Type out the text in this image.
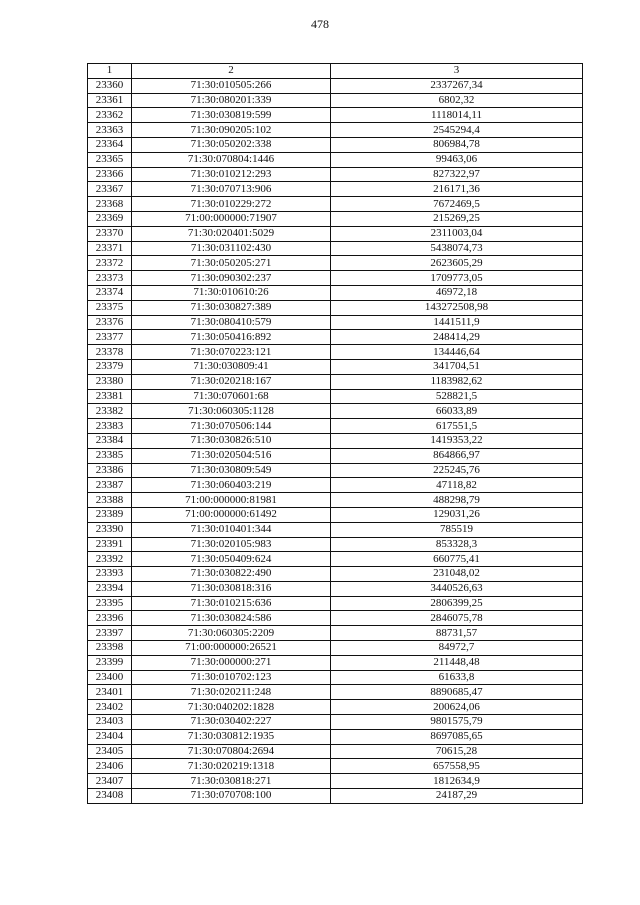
478
1	2	3
23360	71:30:010505:266	2337267,34
23361	71:30:080201:339	6802,32
23362	71:30:030819:599	1118014,11
23363	71:30:090205:102	2545294,4
23364	71:30:050202:338	806984,78
23365	71:30:070804:1446	99463,06
23366	71:30:010212:293	827322,97
23367	71:30:070713:906	216171,36
23368	71:30:010229:272	7672469,5
23369	71:00:000000:71907	215269,25
23370	71:30:020401:5029	2311003,04
23371	71:30:031102:430	5438074,73
23372	71:30:050205:271	2623605,29
23373	71:30:090302:237	1709773,05
23374	71:30:010610:26	46972,18
23375	71:30:030827:389	143272508,98
23376	71:30:080410:579	1441511,9
23377	71:30:050416:892	248414,29
23378	71:30:070223:121	134446,64
23379	71:30:030809:41	341704,51
23380	71:30:020218:167	1183982,62
23381	71:30:070601:68	528821,5
23382	71:30:060305:1128	66033,89
23383	71:30:070506:144	617551,5
23384	71:30:030826:510	1419353,22
23385	71:30:020504:516	864866,97
23386	71:30:030809:549	225245,76
23387	71:30:060403:219	47118,82
23388	71:00:000000:81981	488298,79
23389	71:00:000000:61492	129031,26
23390	71:30:010401:344	785519
23391	71:30:020105:983	853328,3
23392	71:30:050409:624	660775,41
23393	71:30:030822:490	231048,02
23394	71:30:030818:316	3440526,63
23395	71:30:010215:636	2806399,25
23396	71:30:030824:586	2846075,78
23397	71:30:060305:2209	88731,57
23398	71:00:000000:26521	84972,7
23399	71:30:000000:271	211448,48
23400	71:30:010702:123	61633,8
23401	71:30:020211:248	8890685,47
23402	71:30:040202:1828	200624,06
23403	71:30:030402:227	9801575,79
23404	71:30:030812:1935	8697085,65
23405	71:30:070804:2694	70615,28
23406	71:30:020219:1318	657558,95
23407	71:30:030818:271	1812634,9
23408	71:30:070708:100	24187,29
